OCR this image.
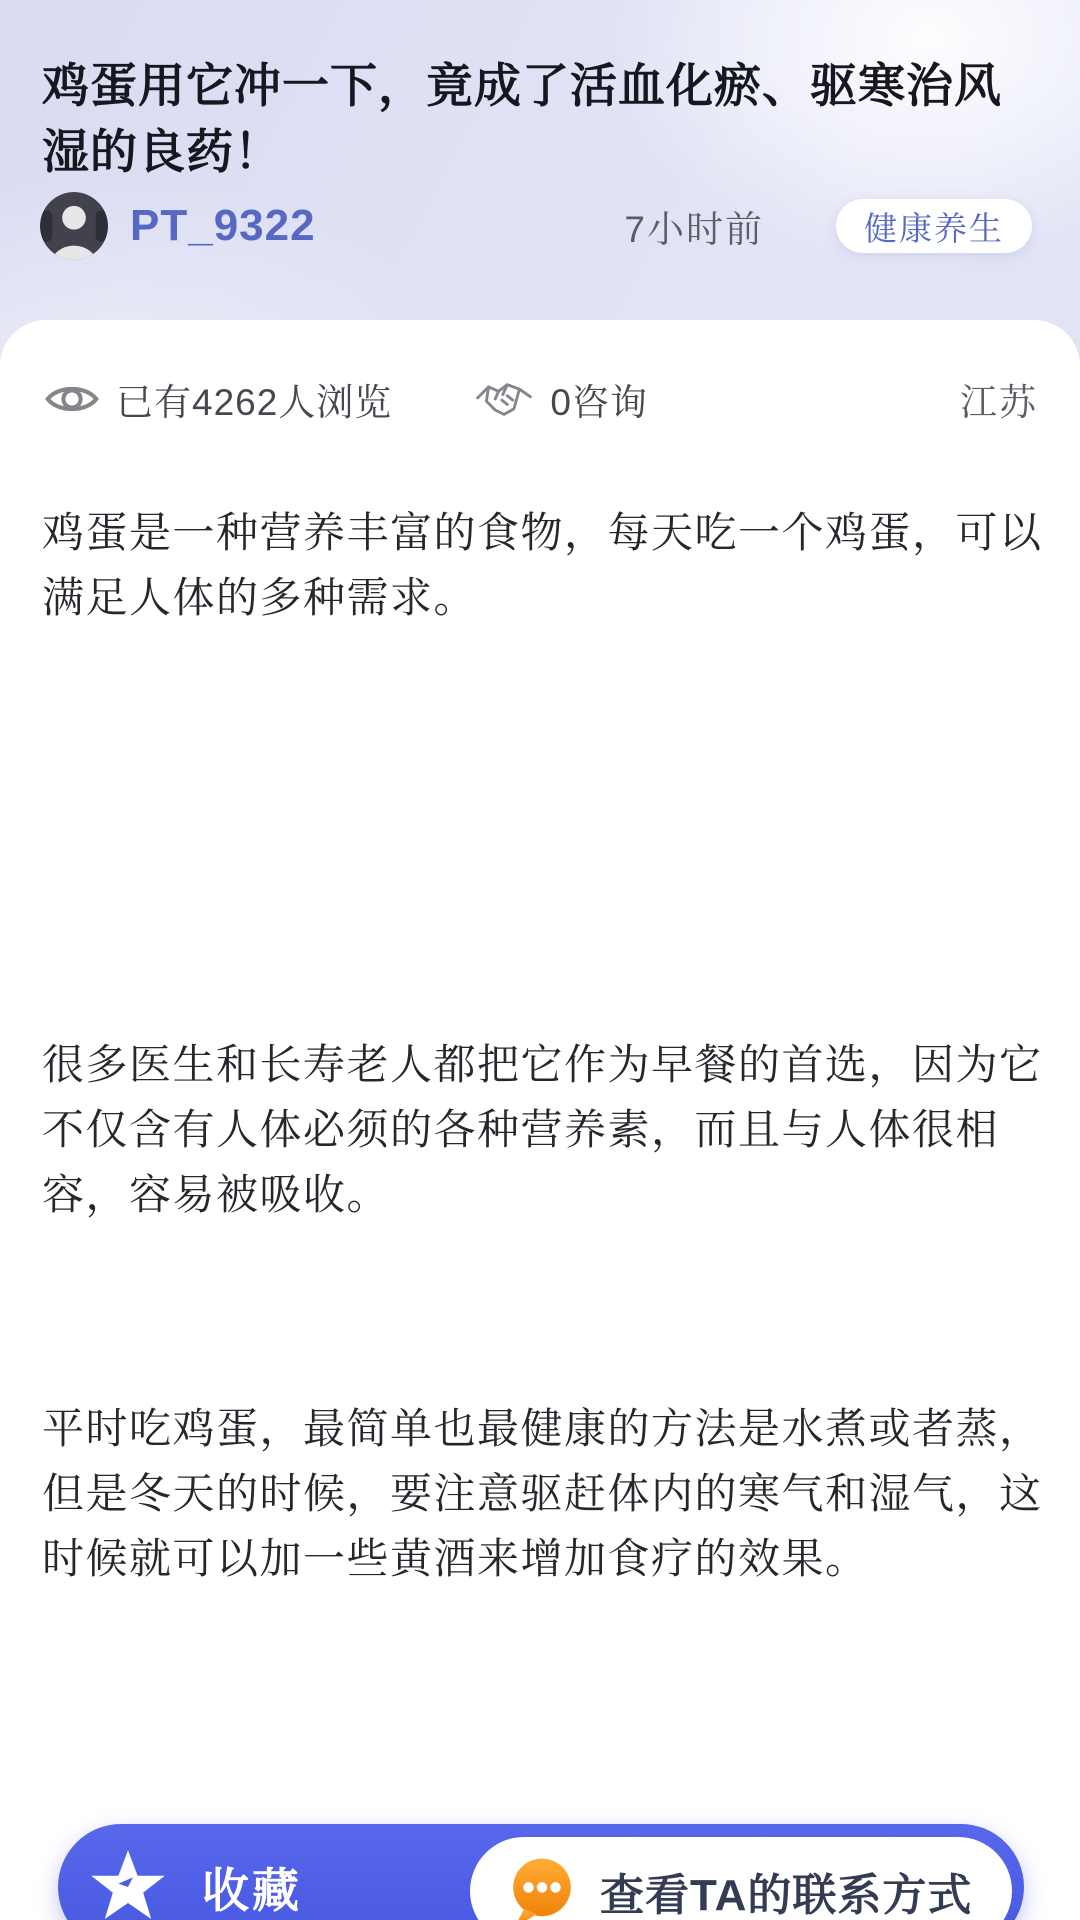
鸡蛋用它冲一下，竟成了活血化瘀、驱寒治风湿的良药！
PT_9322	7小时前	健康养生
已有4262人浏览	0咨询	江苏

鸡蛋是一种营养丰富的食物，每天吃一个鸡蛋，可以满足人体的多种需求。

很多医生和长寿老人都把它作为早餐的首选，因为它不仅含有人体必须的各种营养素，而且与人体很相容，容易被吸收。

平时吃鸡蛋，最简单也最健康的方法是水煮或者蒸，但是冬天的时候，要注意驱赶体内的寒气和湿气，这时候就可以加一些黄酒来增加食疗的效果。

收藏	查看TA的联系方式
